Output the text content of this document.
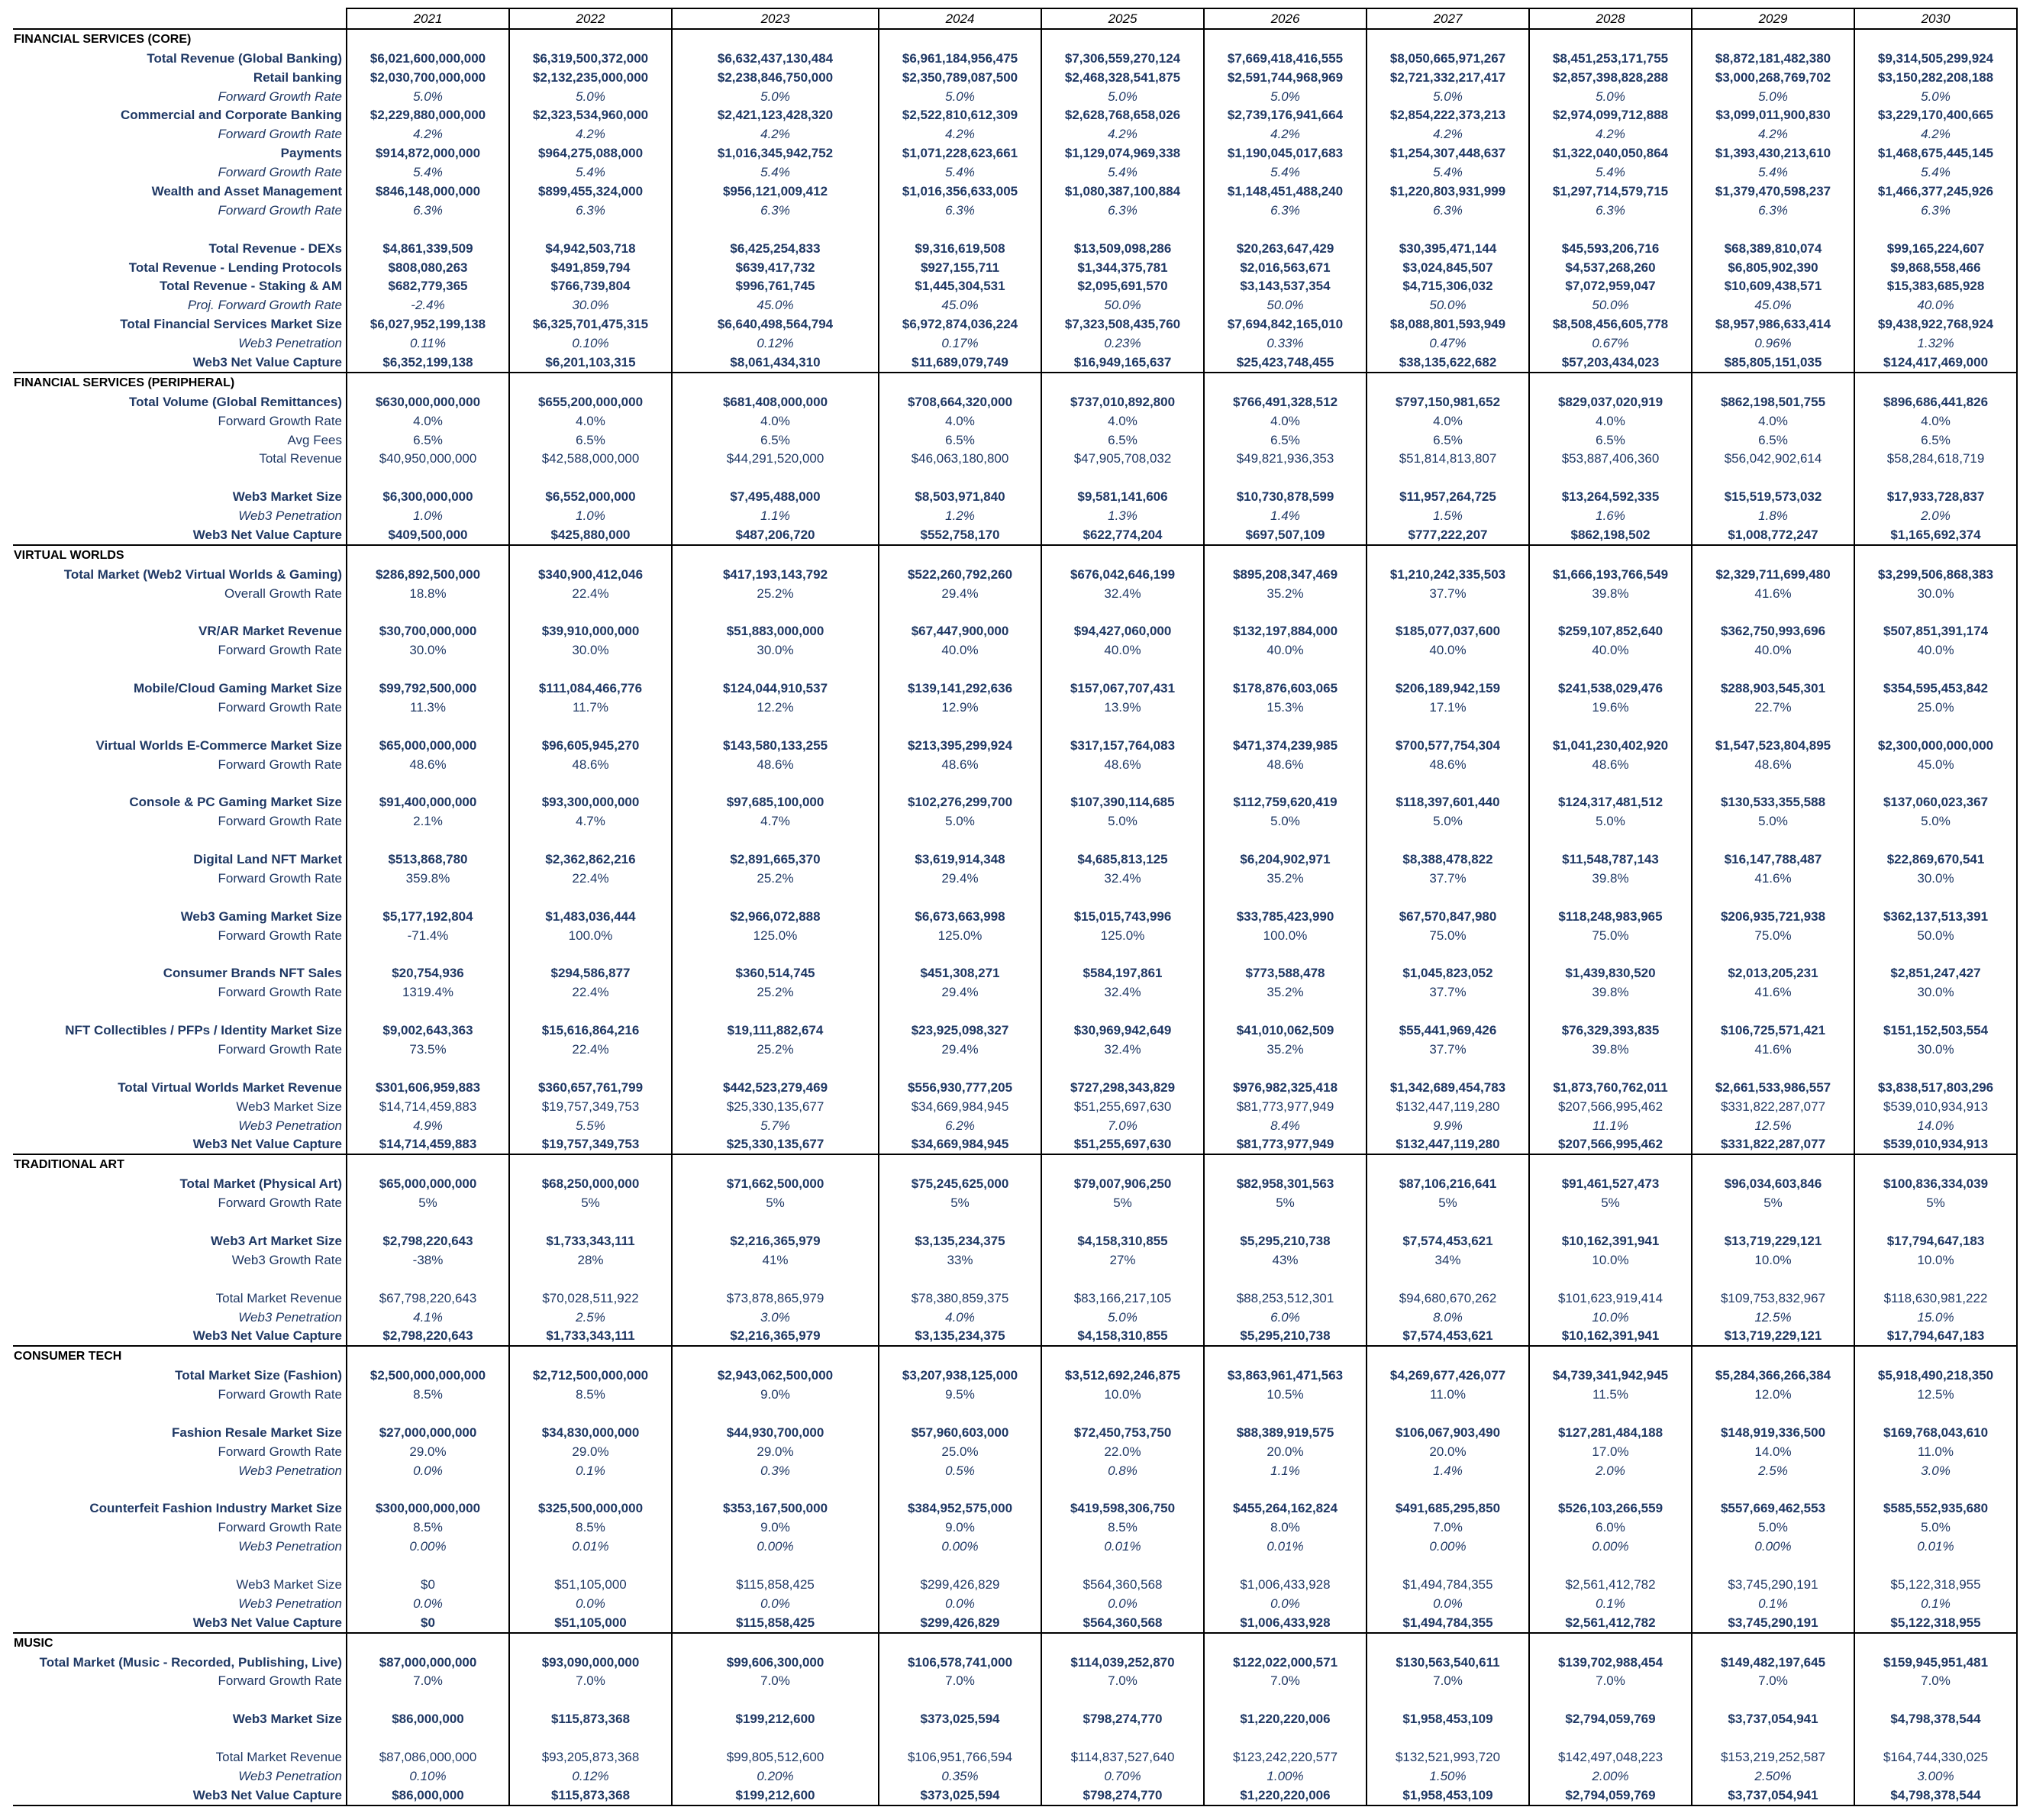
	2021	2022	2023	2024	2025	2026	2027	2028	2029	2030
FINANCIAL SERVICES (CORE)										
Total Revenue (Global Banking)	$6,021,600,000,000	$6,319,500,372,000	$6,632,437,130,484	$6,961,184,956,475	$7,306,559,270,124	$7,669,418,416,555	$8,050,665,971,267	$8,451,253,171,755	$8,872,181,482,380	$9,314,505,299,924
Retail banking	$2,030,700,000,000	$2,132,235,000,000	$2,238,846,750,000	$2,350,789,087,500	$2,468,328,541,875	$2,591,744,968,969	$2,721,332,217,417	$2,857,398,828,288	$3,000,268,769,702	$3,150,282,208,188
Forward Growth Rate	5.0%	5.0%	5.0%	5.0%	5.0%	5.0%	5.0%	5.0%	5.0%	5.0%
Commercial and Corporate Banking	$2,229,880,000,000	$2,323,534,960,000	$2,421,123,428,320	$2,522,810,612,309	$2,628,768,658,026	$2,739,176,941,664	$2,854,222,373,213	$2,974,099,712,888	$3,099,011,900,830	$3,229,170,400,665
Forward Growth Rate	4.2%	4.2%	4.2%	4.2%	4.2%	4.2%	4.2%	4.2%	4.2%	4.2%
Payments	$914,872,000,000	$964,275,088,000	$1,016,345,942,752	$1,071,228,623,661	$1,129,074,969,338	$1,190,045,017,683	$1,254,307,448,637	$1,322,040,050,864	$1,393,430,213,610	$1,468,675,445,145
Forward Growth Rate	5.4%	5.4%	5.4%	5.4%	5.4%	5.4%	5.4%	5.4%	5.4%	5.4%
Wealth and Asset Management	$846,148,000,000	$899,455,324,000	$956,121,009,412	$1,016,356,633,005	$1,080,387,100,884	$1,148,451,488,240	$1,220,803,931,999	$1,297,714,579,715	$1,379,470,598,237	$1,466,377,245,926
Forward Growth Rate	6.3%	6.3%	6.3%	6.3%	6.3%	6.3%	6.3%	6.3%	6.3%	6.3%

Total Revenue - DEXs	$4,861,339,509	$4,942,503,718	$6,425,254,833	$9,316,619,508	$13,509,098,286	$20,263,647,429	$30,395,471,144	$45,593,206,716	$68,389,810,074	$99,165,224,607
Total Revenue - Lending Protocols	$808,080,263	$491,859,794	$639,417,732	$927,155,711	$1,344,375,781	$2,016,563,671	$3,024,845,507	$4,537,268,260	$6,805,902,390	$9,868,558,466
Total Revenue - Staking & AM	$682,779,365	$766,739,804	$996,761,745	$1,445,304,531	$2,095,691,570	$3,143,537,354	$4,715,306,032	$7,072,959,047	$10,609,438,571	$15,383,685,928
Proj. Forward Growth Rate	-2.4%	30.0%	45.0%	45.0%	50.0%	50.0%	50.0%	50.0%	45.0%	40.0%
Total Financial Services Market Size	$6,027,952,199,138	$6,325,701,475,315	$6,640,498,564,794	$6,972,874,036,224	$7,323,508,435,760	$7,694,842,165,010	$8,088,801,593,949	$8,508,456,605,778	$8,957,986,633,414	$9,438,922,768,924
Web3 Penetration	0.11%	0.10%	0.12%	0.17%	0.23%	0.33%	0.47%	0.67%	0.96%	1.32%
Web3 Net Value Capture	$6,352,199,138	$6,201,103,315	$8,061,434,310	$11,689,079,749	$16,949,165,637	$25,423,748,455	$38,135,622,682	$57,203,434,023	$85,805,151,035	$124,417,469,000
FINANCIAL SERVICES (PERIPHERAL)										
Total Volume (Global Remittances)	$630,000,000,000	$655,200,000,000	$681,408,000,000	$708,664,320,000	$737,010,892,800	$766,491,328,512	$797,150,981,652	$829,037,020,919	$862,198,501,755	$896,686,441,826
Forward Growth Rate	4.0%	4.0%	4.0%	4.0%	4.0%	4.0%	4.0%	4.0%	4.0%	4.0%
Avg Fees	6.5%	6.5%	6.5%	6.5%	6.5%	6.5%	6.5%	6.5%	6.5%	6.5%
Total Revenue	$40,950,000,000	$42,588,000,000	$44,291,520,000	$46,063,180,800	$47,905,708,032	$49,821,936,353	$51,814,813,807	$53,887,406,360	$56,042,902,614	$58,284,618,719

Web3 Market Size	$6,300,000,000	$6,552,000,000	$7,495,488,000	$8,503,971,840	$9,581,141,606	$10,730,878,599	$11,957,264,725	$13,264,592,335	$15,519,573,032	$17,933,728,837
Web3 Penetration	1.0%	1.0%	1.1%	1.2%	1.3%	1.4%	1.5%	1.6%	1.8%	2.0%
Web3 Net Value Capture	$409,500,000	$425,880,000	$487,206,720	$552,758,170	$622,774,204	$697,507,109	$777,222,207	$862,198,502	$1,008,772,247	$1,165,692,374
VIRTUAL WORLDS										
Total Market (Web2 Virtual Worlds & Gaming)	$286,892,500,000	$340,900,412,046	$417,193,143,792	$522,260,792,260	$676,042,646,199	$895,208,347,469	$1,210,242,335,503	$1,666,193,766,549	$2,329,711,699,480	$3,299,506,868,383
Overall Growth Rate	18.8%	22.4%	25.2%	29.4%	32.4%	35.2%	37.7%	39.8%	41.6%	30.0%

VR/AR Market Revenue	$30,700,000,000	$39,910,000,000	$51,883,000,000	$67,447,900,000	$94,427,060,000	$132,197,884,000	$185,077,037,600	$259,107,852,640	$362,750,993,696	$507,851,391,174
Forward Growth Rate	30.0%	30.0%	30.0%	40.0%	40.0%	40.0%	40.0%	40.0%	40.0%	40.0%

Mobile/Cloud Gaming Market Size	$99,792,500,000	$111,084,466,776	$124,044,910,537	$139,141,292,636	$157,067,707,431	$178,876,603,065	$206,189,942,159	$241,538,029,476	$288,903,545,301	$354,595,453,842
Forward Growth Rate	11.3%	11.7%	12.2%	12.9%	13.9%	15.3%	17.1%	19.6%	22.7%	25.0%

Virtual Worlds E-Commerce Market Size	$65,000,000,000	$96,605,945,270	$143,580,133,255	$213,395,299,924	$317,157,764,083	$471,374,239,985	$700,577,754,304	$1,041,230,402,920	$1,547,523,804,895	$2,300,000,000,000
Forward Growth Rate	48.6%	48.6%	48.6%	48.6%	48.6%	48.6%	48.6%	48.6%	48.6%	45.0%

Console & PC Gaming Market Size	$91,400,000,000	$93,300,000,000	$97,685,100,000	$102,276,299,700	$107,390,114,685	$112,759,620,419	$118,397,601,440	$124,317,481,512	$130,533,355,588	$137,060,023,367
Forward Growth Rate	2.1%	4.7%	4.7%	5.0%	5.0%	5.0%	5.0%	5.0%	5.0%	5.0%

Digital Land NFT Market	$513,868,780	$2,362,862,216	$2,891,665,370	$3,619,914,348	$4,685,813,125	$6,204,902,971	$8,388,478,822	$11,548,787,143	$16,147,788,487	$22,869,670,541
Forward Growth Rate	359.8%	22.4%	25.2%	29.4%	32.4%	35.2%	37.7%	39.8%	41.6%	30.0%

Web3 Gaming Market Size	$5,177,192,804	$1,483,036,444	$2,966,072,888	$6,673,663,998	$15,015,743,996	$33,785,423,990	$67,570,847,980	$118,248,983,965	$206,935,721,938	$362,137,513,391
Forward Growth Rate	-71.4%	100.0%	125.0%	125.0%	125.0%	100.0%	75.0%	75.0%	75.0%	50.0%

Consumer Brands NFT Sales	$20,754,936	$294,586,877	$360,514,745	$451,308,271	$584,197,861	$773,588,478	$1,045,823,052	$1,439,830,520	$2,013,205,231	$2,851,247,427
Forward Growth Rate	1319.4%	22.4%	25.2%	29.4%	32.4%	35.2%	37.7%	39.8%	41.6%	30.0%

NFT Collectibles / PFPs / Identity Market Size	$9,002,643,363	$15,616,864,216	$19,111,882,674	$23,925,098,327	$30,969,942,649	$41,010,062,509	$55,441,969,426	$76,329,393,835	$106,725,571,421	$151,152,503,554
Forward Growth Rate	73.5%	22.4%	25.2%	29.4%	32.4%	35.2%	37.7%	39.8%	41.6%	30.0%

Total Virtual Worlds Market Revenue	$301,606,959,883	$360,657,761,799	$442,523,279,469	$556,930,777,205	$727,298,343,829	$976,982,325,418	$1,342,689,454,783	$1,873,760,762,011	$2,661,533,986,557	$3,838,517,803,296
Web3 Market Size	$14,714,459,883	$19,757,349,753	$25,330,135,677	$34,669,984,945	$51,255,697,630	$81,773,977,949	$132,447,119,280	$207,566,995,462	$331,822,287,077	$539,010,934,913
Web3 Penetration	4.9%	5.5%	5.7%	6.2%	7.0%	8.4%	9.9%	11.1%	12.5%	14.0%
Web3 Net Value Capture	$14,714,459,883	$19,757,349,753	$25,330,135,677	$34,669,984,945	$51,255,697,630	$81,773,977,949	$132,447,119,280	$207,566,995,462	$331,822,287,077	$539,010,934,913
TRADITIONAL ART										
Total Market (Physical Art)	$65,000,000,000	$68,250,000,000	$71,662,500,000	$75,245,625,000	$79,007,906,250	$82,958,301,563	$87,106,216,641	$91,461,527,473	$96,034,603,846	$100,836,334,039
Forward Growth Rate	5%	5%	5%	5%	5%	5%	5%	5%	5%	5%

Web3 Art Market Size	$2,798,220,643	$1,733,343,111	$2,216,365,979	$3,135,234,375	$4,158,310,855	$5,295,210,738	$7,574,453,621	$10,162,391,941	$13,719,229,121	$17,794,647,183
Web3 Growth Rate	-38%	28%	41%	33%	27%	43%	34%	10.0%	10.0%	10.0%

Total Market Revenue	$67,798,220,643	$70,028,511,922	$73,878,865,979	$78,380,859,375	$83,166,217,105	$88,253,512,301	$94,680,670,262	$101,623,919,414	$109,753,832,967	$118,630,981,222
Web3 Penetration	4.1%	2.5%	3.0%	4.0%	5.0%	6.0%	8.0%	10.0%	12.5%	15.0%
Web3 Net Value Capture	$2,798,220,643	$1,733,343,111	$2,216,365,979	$3,135,234,375	$4,158,310,855	$5,295,210,738	$7,574,453,621	$10,162,391,941	$13,719,229,121	$17,794,647,183
CONSUMER TECH										
Total Market Size (Fashion)	$2,500,000,000,000	$2,712,500,000,000	$2,943,062,500,000	$3,207,938,125,000	$3,512,692,246,875	$3,863,961,471,563	$4,269,677,426,077	$4,739,341,942,945	$5,284,366,266,384	$5,918,490,218,350
Forward Growth Rate	8.5%	8.5%	9.0%	9.5%	10.0%	10.5%	11.0%	11.5%	12.0%	12.5%

Fashion Resale Market Size	$27,000,000,000	$34,830,000,000	$44,930,700,000	$57,960,603,000	$72,450,753,750	$88,389,919,575	$106,067,903,490	$127,281,484,188	$148,919,336,500	$169,768,043,610
Forward Growth Rate	29.0%	29.0%	29.0%	25.0%	22.0%	20.0%	20.0%	17.0%	14.0%	11.0%
Web3 Penetration	0.0%	0.1%	0.3%	0.5%	0.8%	1.1%	1.4%	2.0%	2.5%	3.0%

Counterfeit Fashion Industry Market Size	$300,000,000,000	$325,500,000,000	$353,167,500,000	$384,952,575,000	$419,598,306,750	$455,264,162,824	$491,685,295,850	$526,103,266,559	$557,669,462,553	$585,552,935,680
Forward Growth Rate	8.5%	8.5%	9.0%	9.0%	8.5%	8.0%	7.0%	6.0%	5.0%	5.0%
Web3 Penetration	0.00%	0.01%	0.00%	0.00%	0.01%	0.01%	0.00%	0.00%	0.00%	0.01%

Web3 Market Size	$0	$51,105,000	$115,858,425	$299,426,829	$564,360,568	$1,006,433,928	$1,494,784,355	$2,561,412,782	$3,745,290,191	$5,122,318,955
Web3 Penetration	0.0%	0.0%	0.0%	0.0%	0.0%	0.0%	0.0%	0.1%	0.1%	0.1%
Web3 Net Value Capture	$0	$51,105,000	$115,858,425	$299,426,829	$564,360,568	$1,006,433,928	$1,494,784,355	$2,561,412,782	$3,745,290,191	$5,122,318,955
MUSIC										
Total Market (Music - Recorded, Publishing, Live)	$87,000,000,000	$93,090,000,000	$99,606,300,000	$106,578,741,000	$114,039,252,870	$122,022,000,571	$130,563,540,611	$139,702,988,454	$149,482,197,645	$159,945,951,481
Forward Growth Rate	7.0%	7.0%	7.0%	7.0%	7.0%	7.0%	7.0%	7.0%	7.0%	7.0%

Web3 Market Size	$86,000,000	$115,873,368	$199,212,600	$373,025,594	$798,274,770	$1,220,220,006	$1,958,453,109	$2,794,059,769	$3,737,054,941	$4,798,378,544

Total Market Revenue	$87,086,000,000	$93,205,873,368	$99,805,512,600	$106,951,766,594	$114,837,527,640	$123,242,220,577	$132,521,993,720	$142,497,048,223	$153,219,252,587	$164,744,330,025
Web3 Penetration	0.10%	0.12%	0.20%	0.35%	0.70%	1.00%	1.50%	2.00%	2.50%	3.00%
Web3 Net Value Capture	$86,000,000	$115,873,368	$199,212,600	$373,025,594	$798,274,770	$1,220,220,006	$1,958,453,109	$2,794,059,769	$3,737,054,941	$4,798,378,544
